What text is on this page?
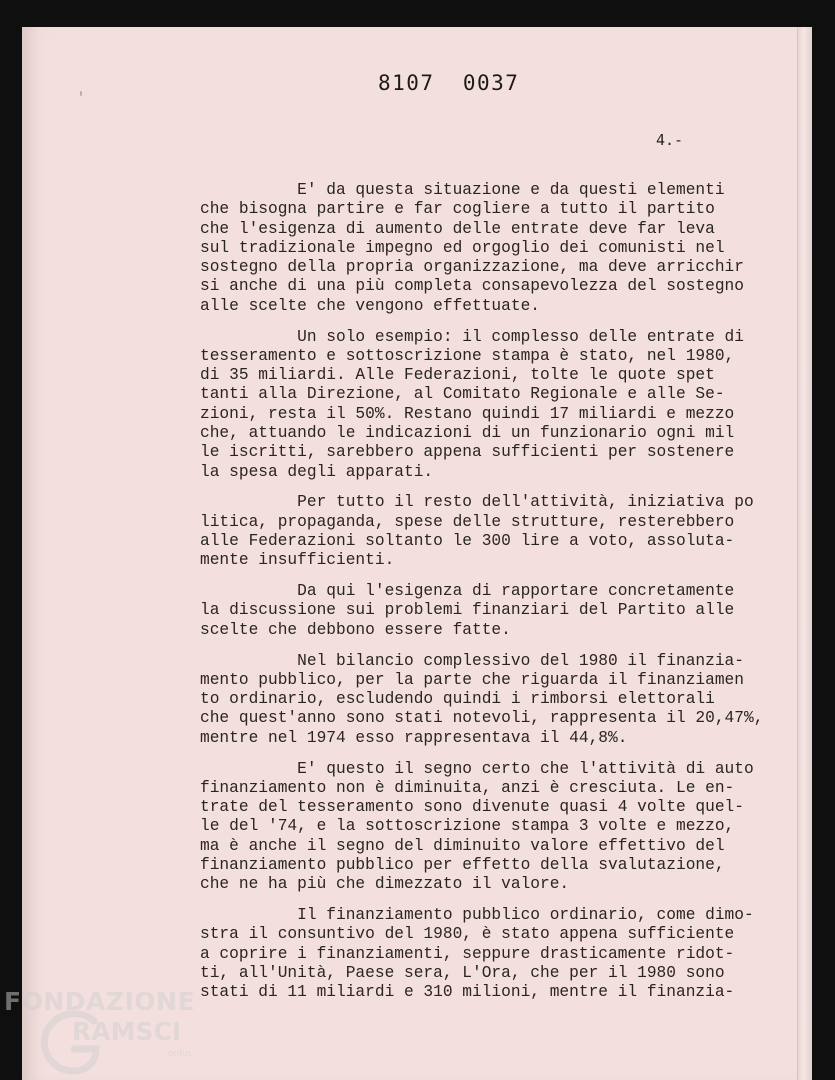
8107  0037
4.-
E' da questa situazione e da questi elementi
che bisogna partire e far cogliere a tutto il partito
che l'esigenza di aumento delle entrate deve far leva
sul tradizionale impegno ed orgoglio dei comunisti nel
sostegno della propria organizzazione, ma deve arricchir
si anche di una più completa consapevolezza del sostegno
alle scelte che vengono effettuate.
Un solo esempio: il complesso delle entrate di
tesseramento e sottoscrizione stampa è stato, nel 1980,
di 35 miliardi. Alle Federazioni, tolte le quote spet
tanti alla Direzione, al Comitato Regionale e alle Se-
zioni, resta il 50%. Restano quindi 17 miliardi e mezzo
che, attuando le indicazioni di un funzionario ogni mil
le iscritti, sarebbero appena sufficienti per sostenere
la spesa degli apparati.
Per tutto il resto dell'attività, iniziativa po
litica, propaganda, spese delle strutture, resterebbero
alle Federazioni soltanto le 300 lire a voto, assoluta-
mente insufficienti.
Da qui l'esigenza di rapportare concretamente
la discussione sui problemi finanziari del Partito alle
scelte che debbono essere fatte.
Nel bilancio complessivo del 1980 il finanzia-
mento pubblico, per la parte che riguarda il finanziamen
to ordinario, escludendo quindi i rimborsi elettorali
che quest'anno sono stati notevoli, rappresenta il 20,47%,
mentre nel 1974 esso rappresentava il 44,8%.
E' questo il segno certo che l'attività di auto
finanziamento non è diminuita, anzi è cresciuta. Le en-
trate del tesseramento sono divenute quasi 4 volte quel-
le del '74, e la sottoscrizione stampa 3 volte e mezzo,
ma è anche il segno del diminuito valore effettivo del
finanziamento pubblico per effetto della svalutazione,
che ne ha più che dimezzato il valore.
Il finanziamento pubblico ordinario, come dimo-
stra il consuntivo del 1980, è stato appena sufficiente
a coprire i finanziamenti, seppure drasticamente ridot-
ti, all'Unità, Paese sera, L'Ora, che per il 1980 sono
stati di 11 miliardi e 310 milioni, mentre il finanzia-
FONDAZIONE
RAMSCI
onlus
